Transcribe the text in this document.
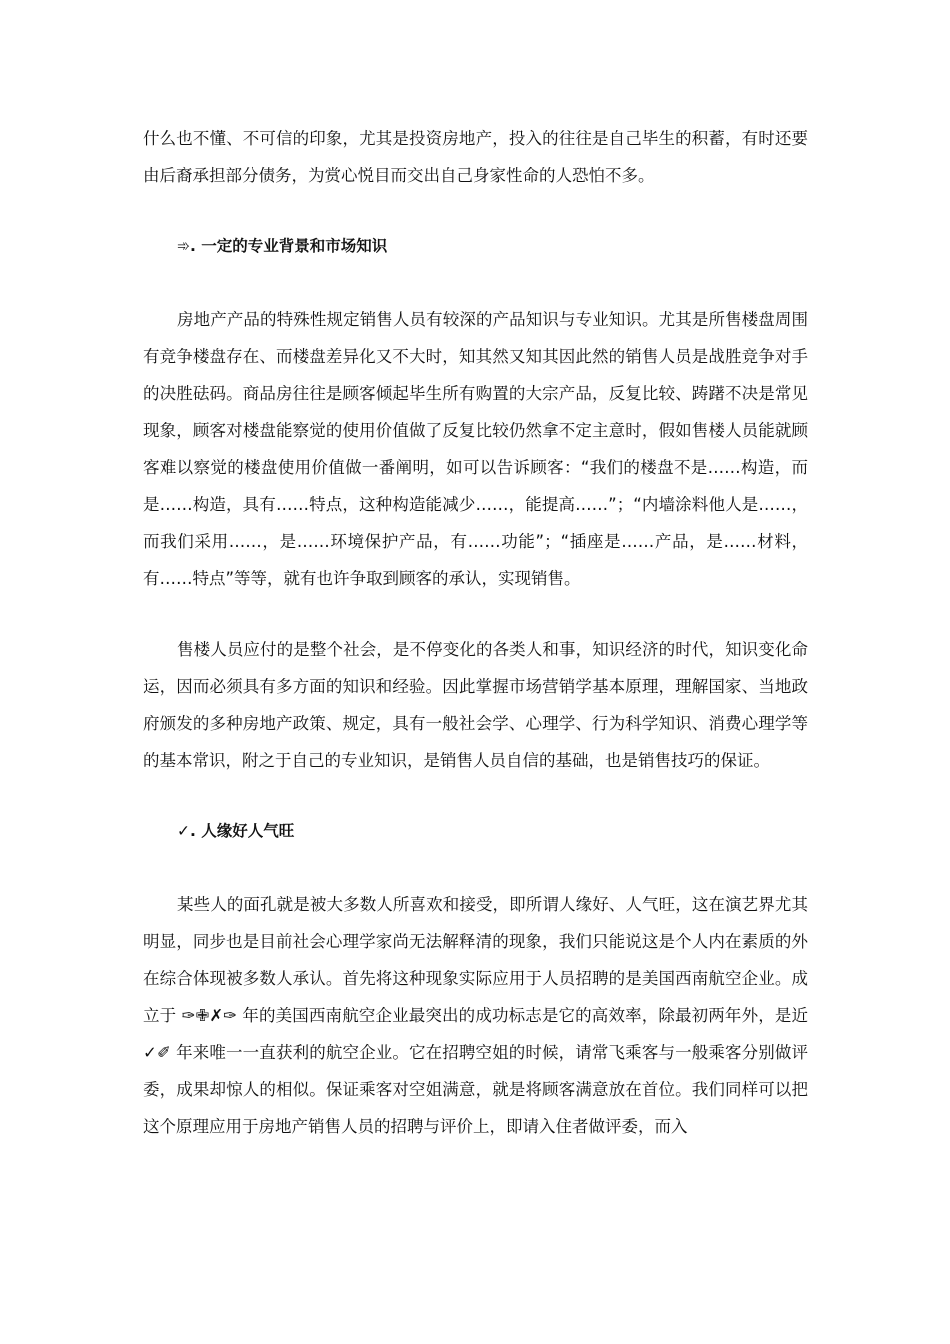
什么也不懂、不可信的印象，尤其是投资房地产，投入的往往是自己毕生的积蓄，有时还要由后裔承担部分债务，为赏心悦目而交出自己身家性命的人恐怕不多。

➾. 一定的专业背景和市场知识

房地产产品的特殊性规定销售人员有较深的产品知识与专业知识。尤其是所售楼盘周围有竞争楼盘存在、而楼盘差异化又不大时，知其然又知其因此然的销售人员是战胜竞争对手的决胜砝码。商品房往往是顾客倾起毕生所有购置的大宗产品，反复比较、踌躇不决是常见现象，顾客对楼盘能察觉的使用价值做了反复比较仍然拿不定主意时，假如售楼人员能就顾客难以察觉的楼盘使用价值做一番阐明，如可以告诉顾客：“我们的楼盘不是……构造，而是……构造，具有……特点，这种构造能减少……，能提高……”；“内墙涂料他人是……，而我们采用……，是……环境保护产品，有……功能”；“插座是……产品，是……材料，有……特点”等等，就有也许争取到顾客的承认，实现销售。

售楼人员应付的是整个社会，是不停变化的各类人和事，知识经济的时代，知识变化命运，因而必须具有多方面的知识和经验。因此掌握市场营销学基本原理，理解国家、当地政府颁发的多种房地产政策、规定，具有一般社会学、心理学、行为科学知识、消费心理学等的基本常识，附之于自己的专业知识，是销售人员自信的基础，也是销售技巧的保证。

✓. 人缘好人气旺

某些人的面孔就是被大多数人所喜欢和接受，即所谓人缘好、人气旺，这在演艺界尤其明显，同步也是目前社会心理学家尚无法解释清的现象，我们只能说这是个人内在素质的外在综合体现被多数人承认。首先将这种现象实际应用于人员招聘的是美国西南航空企业。成立于 ✑✙✗✑ 年的美国西南航空企业最突出的成功标志是它的高效率，除最初两年外，是近 ✓✐ 年来唯一一直获利的航空企业。它在招聘空姐的时候，请常飞乘客与一般乘客分别做评委，成果却惊人的相似。保证乘客对空姐满意，就是将顾客满意放在首位。我们同样可以把这个原理应用于房地产销售人员的招聘与评价上，即请入住者做评委，而入
